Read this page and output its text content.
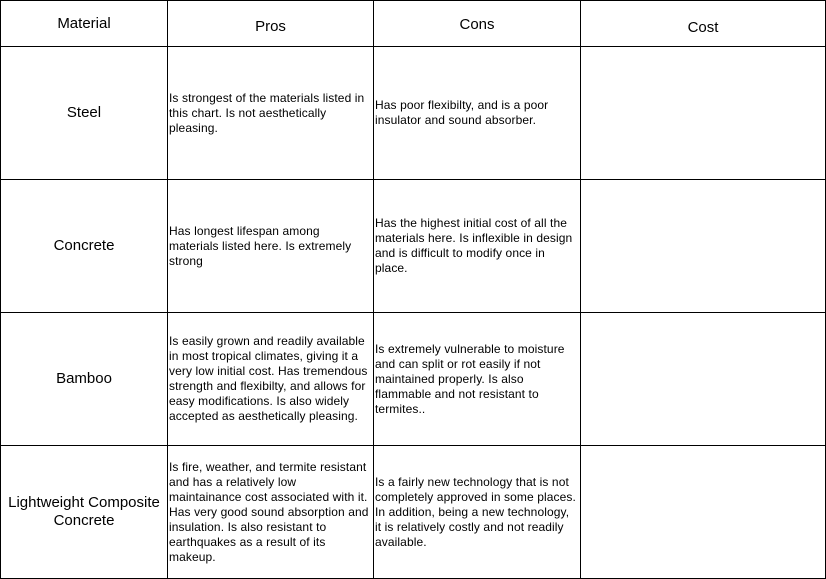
Material	Pros	Cons	Cost
Steel	Is strongest of the materials listed in this chart. Is not aesthetically pleasing.	Has poor flexibilty, and is a poor insulator and sound absorber.	
Concrete	Has longest lifespan among materials listed here. Is extremely strong	Has the highest initial cost of all the materials here. Is inflexible in design and is difficult to modify once in place.	
Bamboo	Is easily grown and readily available in most tropical climates, giving it a very low initial cost. Has tremendous strength and flexibilty, and allows for easy modifications. Is also widely accepted as aesthetically pleasing.	Is extremely vulnerable to moisture and can split or rot easily if not maintained properly. Is also flammable and not resistant to termites..	
Lightweight Composite Concrete	Is fire, weather, and termite resistant and has a relatively low maintainance cost associated with it. Has very good sound absorption and insulation. Is also resistant to earthquakes as a result of its makeup.	Is a fairly new technology that is not completely approved in some places. In addition, being a new technology, it is relatively costly and not readily available.	
